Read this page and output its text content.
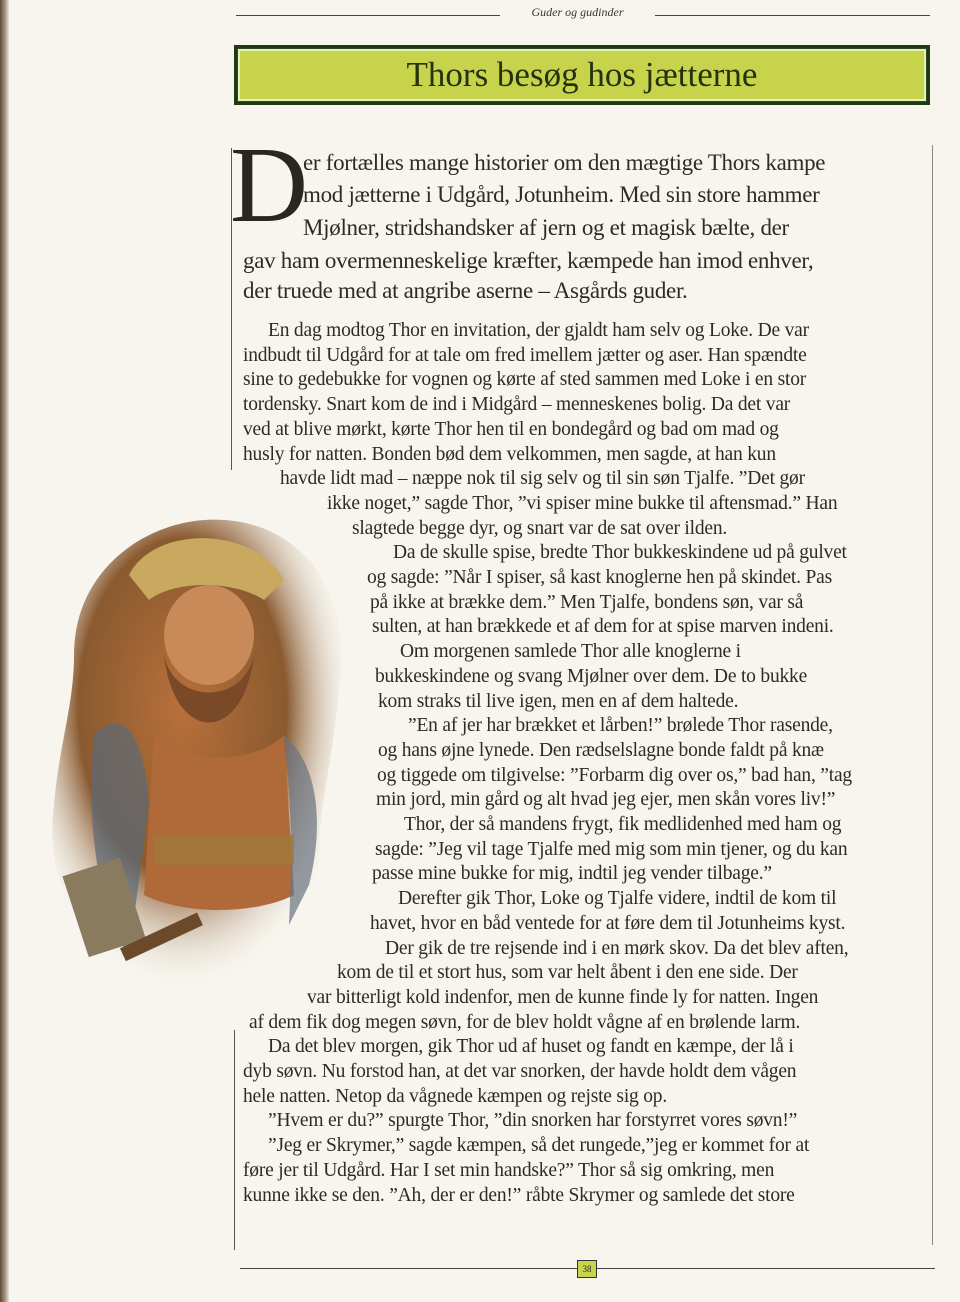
Guder og gudinder
Thors besøg hos jætterne
D
er fortælles mange historier om den mægtige Thors kampe
mod jætterne i Udgård, Jotunheim. Med sin store hammer
Mjølner, stridshandsker af jern og et magisk bælte, der
gav ham overmenneskelige kræfter, kæmpede han imod enhver,
der truede med at angribe aserne – Asgårds guder.
En dag modtog Thor en invitation, der gjaldt ham selv og Loke. De var
indbudt til Udgård for at tale om fred imellem jætter og aser. Han spændte
sine to gedebukke for vognen og kørte af sted sammen med Loke i en stor
tordensky. Snart kom de ind i Midgård – menneskenes bolig. Da det var
ved at blive mørkt, kørte Thor hen til en bondegård og bad om mad og
husly for natten. Bonden bød dem velkommen, men sagde, at han kun
havde lidt mad – næppe nok til sig selv og til sin søn Tjalfe. ”Det gør
ikke noget,” sagde Thor, ”vi spiser mine bukke til aftensmad.” Han
slagtede begge dyr, og snart var de sat over ilden.
Da de skulle spise, bredte Thor bukkeskindene ud på gulvet
og sagde: ”Når I spiser, så kast knoglerne hen på skindet. Pas
på ikke at brække dem.” Men Tjalfe, bondens søn, var så
sulten, at han brækkede et af dem for at spise marven indeni.
Om morgenen samlede Thor alle knoglerne i
bukkeskindene og svang Mjølner over dem. De to bukke
kom straks til live igen, men en af dem haltede.
”En af jer har brækket et lårben!” brølede Thor rasende,
og hans øjne lynede. Den rædselslagne bonde faldt på knæ
og tiggede om tilgivelse: ”Forbarm dig over os,” bad han, ”tag
min jord, min gård og alt hvad jeg ejer, men skån vores liv!”
Thor, der så mandens frygt, fik medlidenhed med ham og
sagde: ”Jeg vil tage Tjalfe med mig som min tjener, og du kan
passe mine bukke for mig, indtil jeg vender tilbage.”
Derefter gik Thor, Loke og Tjalfe videre, indtil de kom til
havet, hvor en båd ventede for at føre dem til Jotunheims kyst.
Der gik de tre rejsende ind i en mørk skov. Da det blev aften,
kom de til et stort hus, som var helt åbent i den ene side. Der
var bitterligt kold indenfor, men de kunne finde ly for natten. Ingen
af dem fik dog megen søvn, for de blev holdt vågne af en brølende larm.
Da det blev morgen, gik Thor ud af huset og fandt en kæmpe, der lå i
dyb søvn. Nu forstod han, at det var snorken, der havde holdt dem vågen
hele natten. Netop da vågnede kæmpen og rejste sig op.
”Hvem er du?” spurgte Thor, ”din snorken har forstyrret vores søvn!”
”Jeg er Skrymer,” sagde kæmpen, så det rungede,”jeg er kommet for at
føre jer til Udgård. Har I set min handske?” Thor så sig omkring, men
kunne ikke se den. ”Ah, der er den!” råbte Skrymer og samlede det store
38
